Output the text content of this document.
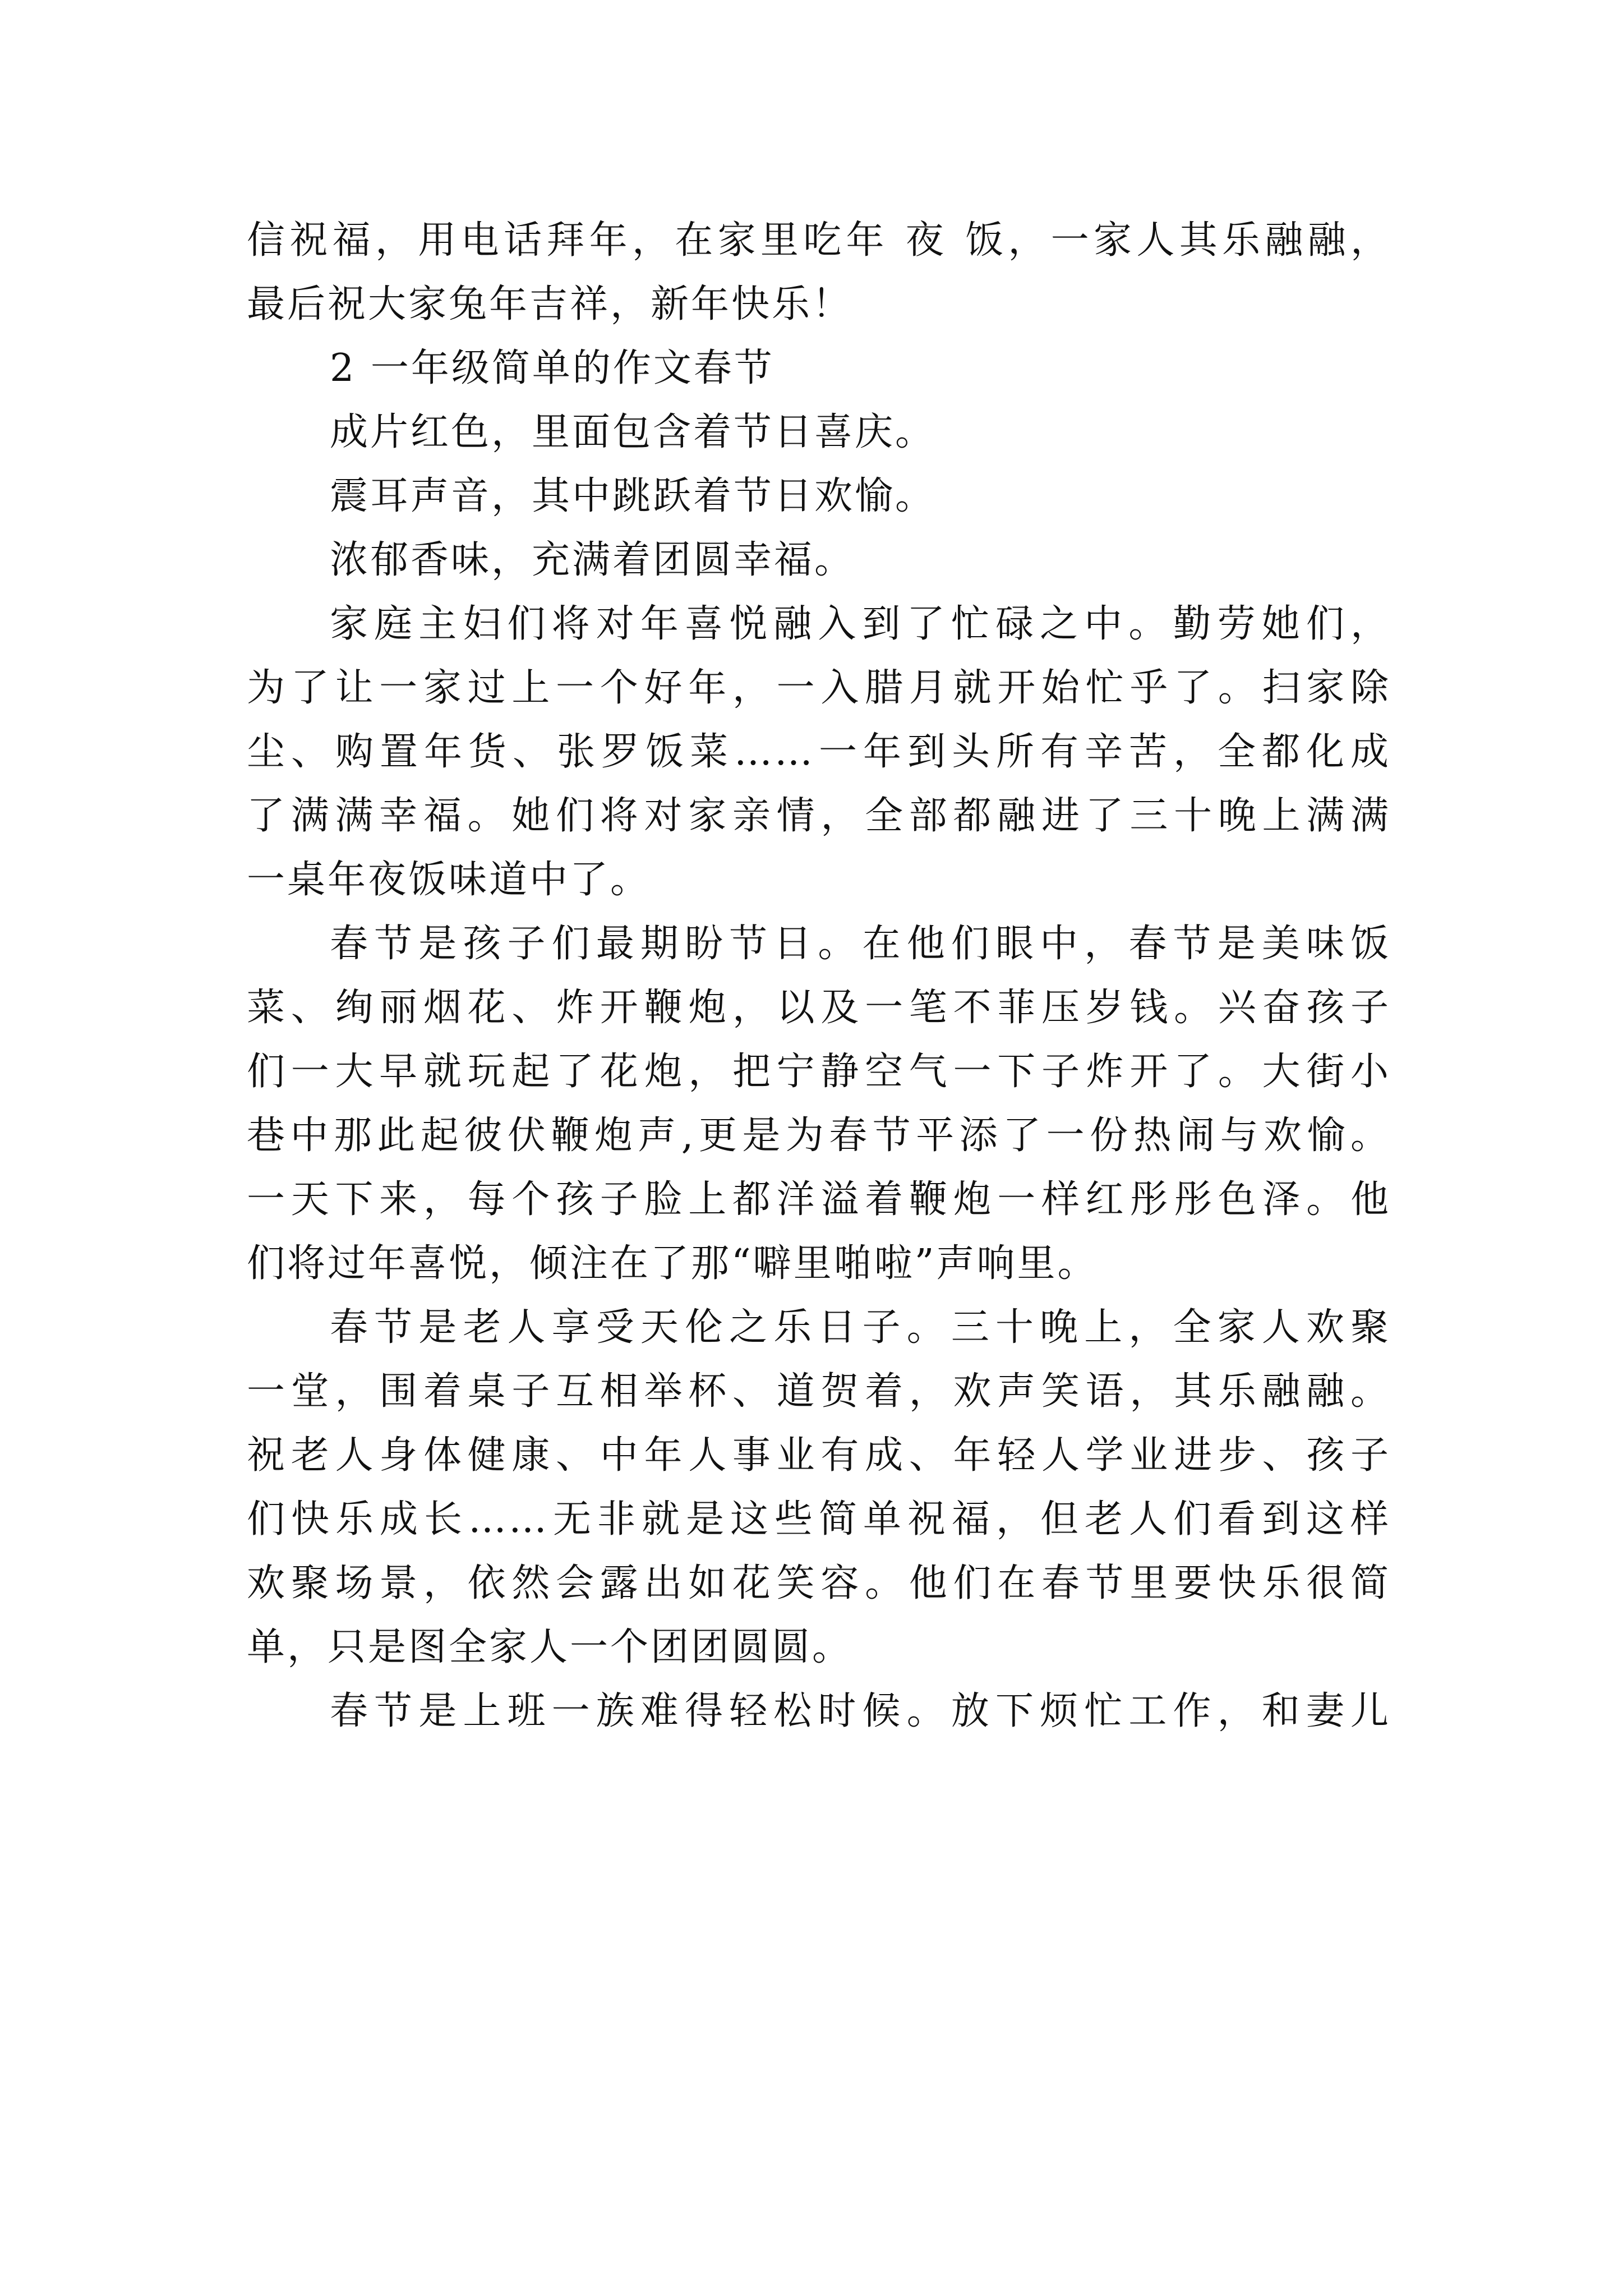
信祝福，用电话拜年，在家里吃年 夜 饭，一家人其乐融融，
最后祝大家兔年吉祥，新年快乐！
2 一年级简单的作文春节
成片红色，里面包含着节日喜庆。
震耳声音，其中跳跃着节日欢愉。
浓郁香味，充满着团圆幸福。
家庭主妇们将对年喜悦融入到了忙碌之中。勤劳她们，
为了让一家过上一个好年，一入腊月就开始忙乎了。扫家除
尘、购置年货、张罗饭菜……一年到头所有辛苦，全都化成
了满满幸福。她们将对家亲情，全部都融进了三十晚上满满
一桌年夜饭味道中了。
春节是孩子们最期盼节日。在他们眼中，春节是美味饭
菜、绚丽烟花、炸开鞭炮，以及一笔不菲压岁钱。兴奋孩子
们一大早就玩起了花炮，把宁静空气一下子炸开了。大街小
巷中那此起彼伏鞭炮声,更是为春节平添了一份热闹与欢愉。
一天下来，每个孩子脸上都洋溢着鞭炮一样红彤彤色泽。他
们将过年喜悦，倾注在了那“噼里啪啦”声响里。
春节是老人享受天伦之乐日子。三十晚上，全家人欢聚
一堂，围着桌子互相举杯、道贺着，欢声笑语，其乐融融。
祝老人身体健康、中年人事业有成、年轻人学业进步、孩子
们快乐成长……无非就是这些简单祝福，但老人们看到这样
欢聚场景，依然会露出如花笑容。他们在春节里要快乐很简
单，只是图全家人一个团团圆圆。
春节是上班一族难得轻松时候。放下烦忙工作，和妻儿
